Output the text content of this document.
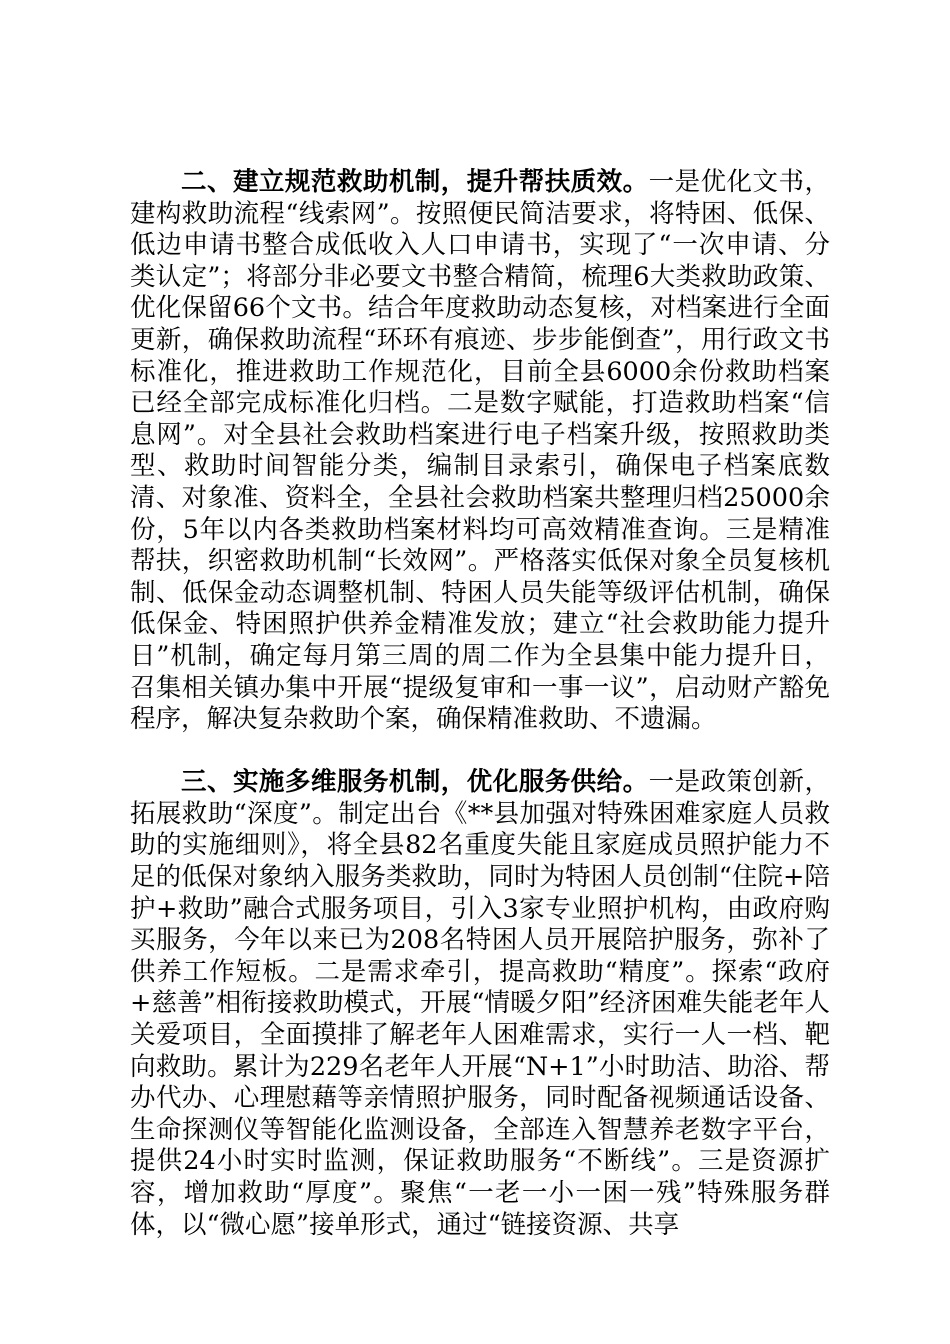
二、建立规范救助机制，提升帮扶质效。一是优化文书，建构救助流程“线索网”。按照便民简洁要求，将特困、低保、低边申请书整合成低收入人口申请书，实现了“一次申请、分类认定”；将部分非必要文书整合精简，梳理6大类救助政策、优化保留66个文书。结合年度救助动态复核，对档案进行全面更新，确保救助流程“环环有痕迹、步步能倒查”，用行政文书标准化，推进救助工作规范化，目前全县6000余份救助档案已经全部完成标准化归档。二是数字赋能，打造救助档案“信息网”。对全县社会救助档案进行电子档案升级，按照救助类型、救助时间智能分类，编制目录索引，确保电子档案底数清、对象准、资料全，全县社会救助档案共整理归档25000余份，5年以内各类救助档案材料均可高效精准查询。三是精准帮扶，织密救助机制“长效网”。严格落实低保对象全员复核机制、低保金动态调整机制、特困人员失能等级评估机制，确保低保金、特困照护供养金精准发放；建立“社会救助能力提升日”机制，确定每月第三周的周二作为全县集中能力提升日，召集相关镇办集中开展“提级复审和一事一议”，启动财产豁免程序，解决复杂救助个案，确保精准救助、不遗漏。

三、实施多维服务机制，优化服务供给。一是政策创新，拓展救助“深度”。制定出台《**县加强对特殊困难家庭人员救助的实施细则》，将全县82名重度失能且家庭成员照护能力不足的低保对象纳入服务类救助，同时为特困人员创制“住院+陪护+救助”融合式服务项目，引入3家专业照护机构，由政府购买服务，今年以来已为208名特困人员开展陪护服务，弥补了供养工作短板。二是需求牵引，提高救助“精度”。探索“政府+慈善”相衔接救助模式，开展“情暖夕阳”经济困难失能老年人关爱项目，全面摸排了解老年人困难需求，实行一人一档、靶向救助。累计为229名老年人开展“N+1”小时助洁、助浴、帮办代办、心理慰藉等亲情照护服务，同时配备视频通话设备、生命探测仪等智能化监测设备，全部连入智慧养老数字平台，提供24小时实时监测，保证救助服务“不断线”。三是资源扩容，增加救助“厚度”。聚焦“一老一小一困一残”特殊服务群体，以“微心愿”接单形式，通过“链接资源、共享
